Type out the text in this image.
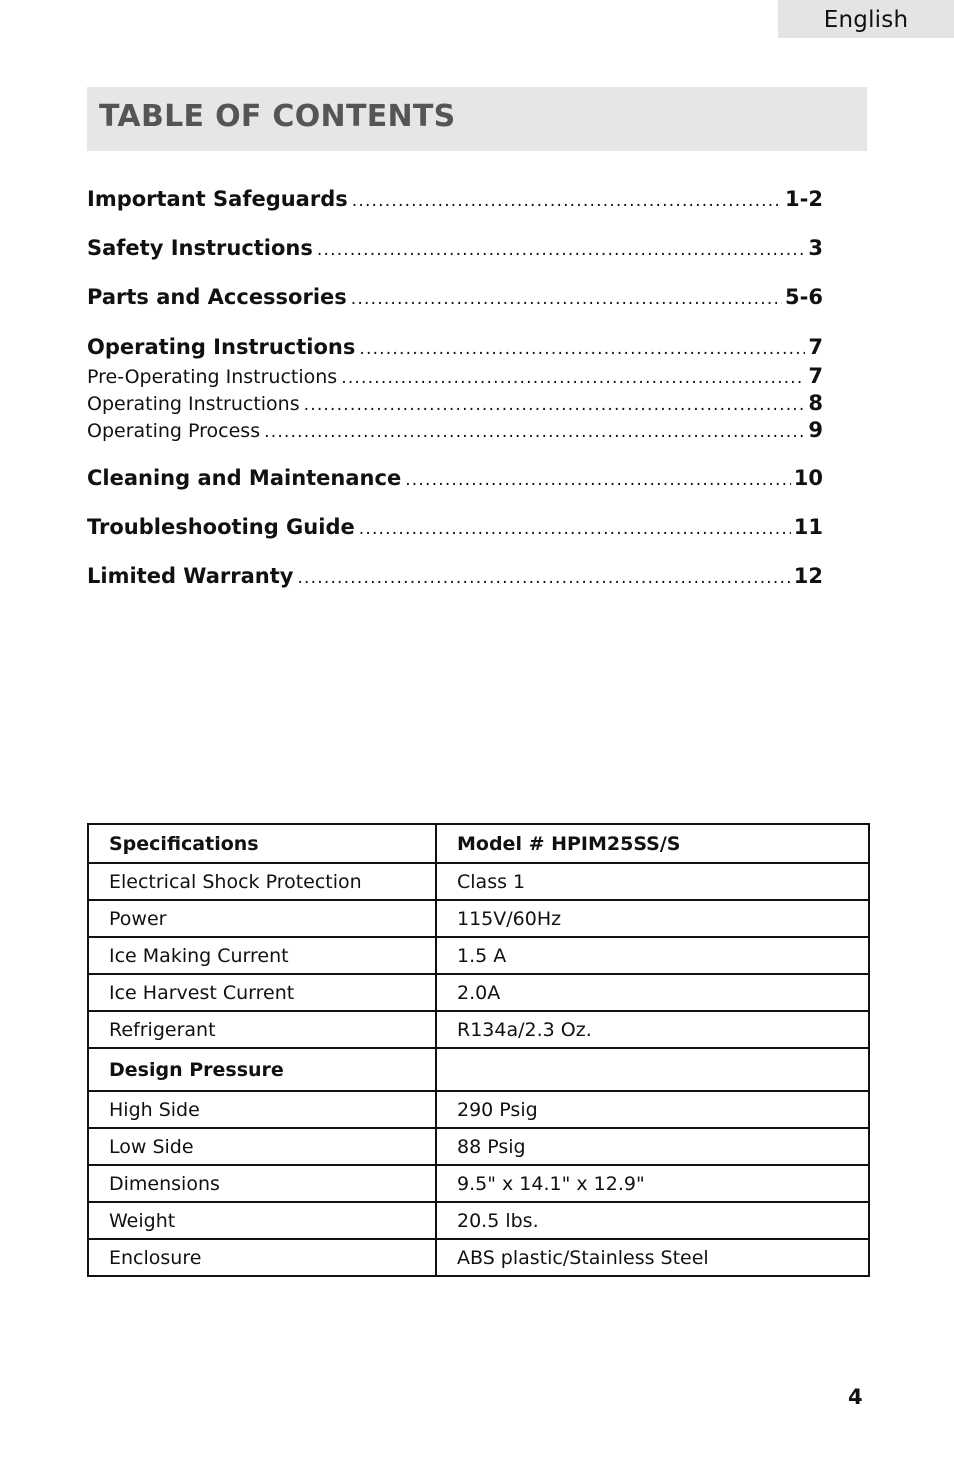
English
TABLE OF CONTENTS
Important Safeguards .....	1-2
Safety Instructions .....	3
Parts and Accessories .....	5-6
Operating Instructions .....	7
Pre-Operating Instructions .....	7
Operating Instructions .....	8
Operating Process .....	9
Cleaning and Maintenance .....	10
Troubleshooting Guide .....	11
Limited Warranty .....	12
Specifications	Model # HPIM25SS/S
Electrical Shock Protection	Class 1
Power	115V/60Hz
Ice Making Current	1.5 A
Ice Harvest Current	2.0A
Refrigerant	R134a/2.3 Oz.
Design Pressure	
High Side	290 Psig
Low Side	88 Psig
Dimensions	9.5" x 14.1" x 12.9"
Weight	20.5 lbs.
Enclosure	ABS plastic/Stainless Steel
4
